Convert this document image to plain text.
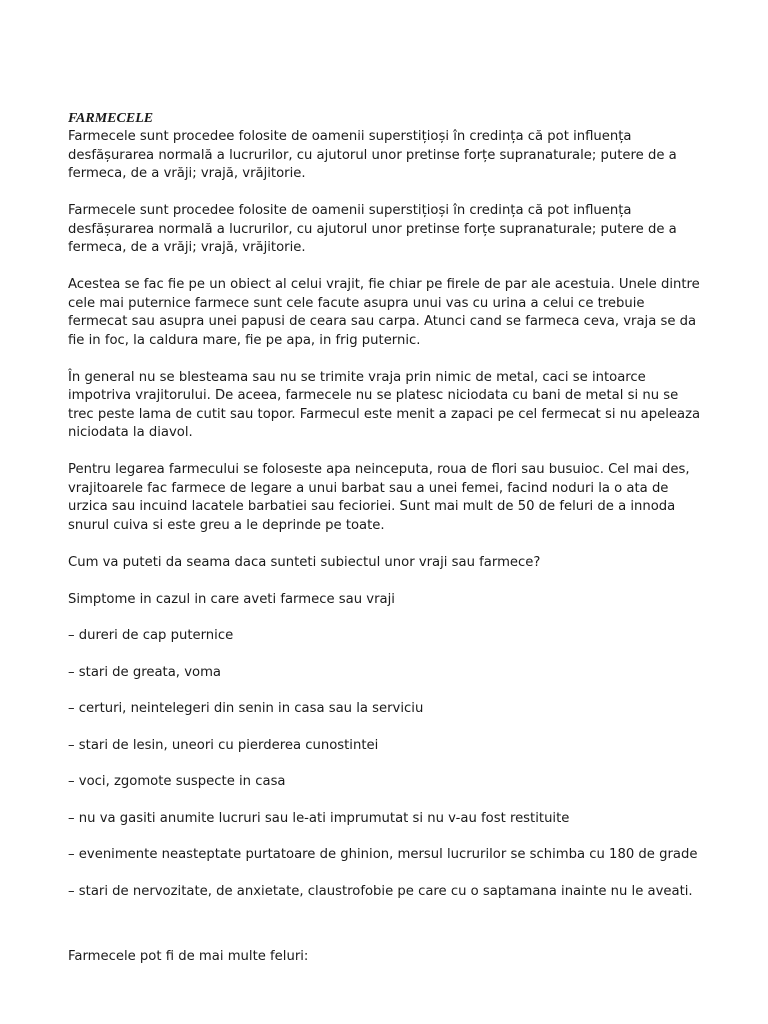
FARMECELE

Farmecele sunt procedee folosite de oamenii superstițioși în credința că pot influența desfășurarea normală a lucrurilor, cu ajutorul unor pretinse forțe supranaturale; putere de a fermeca, de a vrăji; vrajă, vrăjitorie.

Farmecele sunt procedee folosite de oamenii superstițioși în credința că pot influența desfășurarea normală a lucrurilor, cu ajutorul unor pretinse forțe supranaturale; putere de a fermeca, de a vrăji; vrajă, vrăjitorie.

Acestea se fac fie pe un obiect al celui vrajit, fie chiar pe firele de par ale acestuia. Unele dintre cele mai puternice farmece sunt cele facute asupra unui vas cu urina a celui ce trebuie fermecat sau asupra unei papusi de ceara sau carpa. Atunci cand se farmeca ceva, vraja se da fie in foc, la caldura mare, fie pe apa, in frig puternic.

În general nu se blesteama sau nu se trimite vraja prin nimic de metal, caci se intoarce impotriva vrajitorului. De aceea, farmecele nu se platesc niciodata cu bani de metal si nu se trec peste lama de cutit sau topor. Farmecul este menit a zapaci pe cel fermecat si nu apeleaza niciodata la diavol.

Pentru legarea farmecului se foloseste apa neinceputa, roua de flori sau busuioc. Cel mai des, vrajitoarele fac farmece de legare a unui barbat sau a unei femei, facind noduri la o ata de urzica sau incuind lacatele barbatiei sau fecioriei. Sunt mai mult de 50 de feluri de a innoda snurul cuiva si este greu a le deprinde pe toate.

Cum va puteti da seama daca sunteti subiectul unor vraji sau farmece?

Simptome in cazul in care aveti farmece sau vraji

– dureri de cap puternice

– stari de greata, voma

– certuri, neintelegeri din senin in casa sau la serviciu

– stari de lesin, uneori cu pierderea cunostintei

– voci, zgomote suspecte in casa

– nu va gasiti anumite lucruri sau le-ati imprumutat si nu v-au fost restituite

– evenimente neasteptate purtatoare de ghinion, mersul lucrurilor se schimba cu 180 de grade

– stari de nervozitate, de anxietate, claustrofobie pe care cu o saptamana inainte nu le aveati.

Farmecele pot fi de mai multe feluri:
